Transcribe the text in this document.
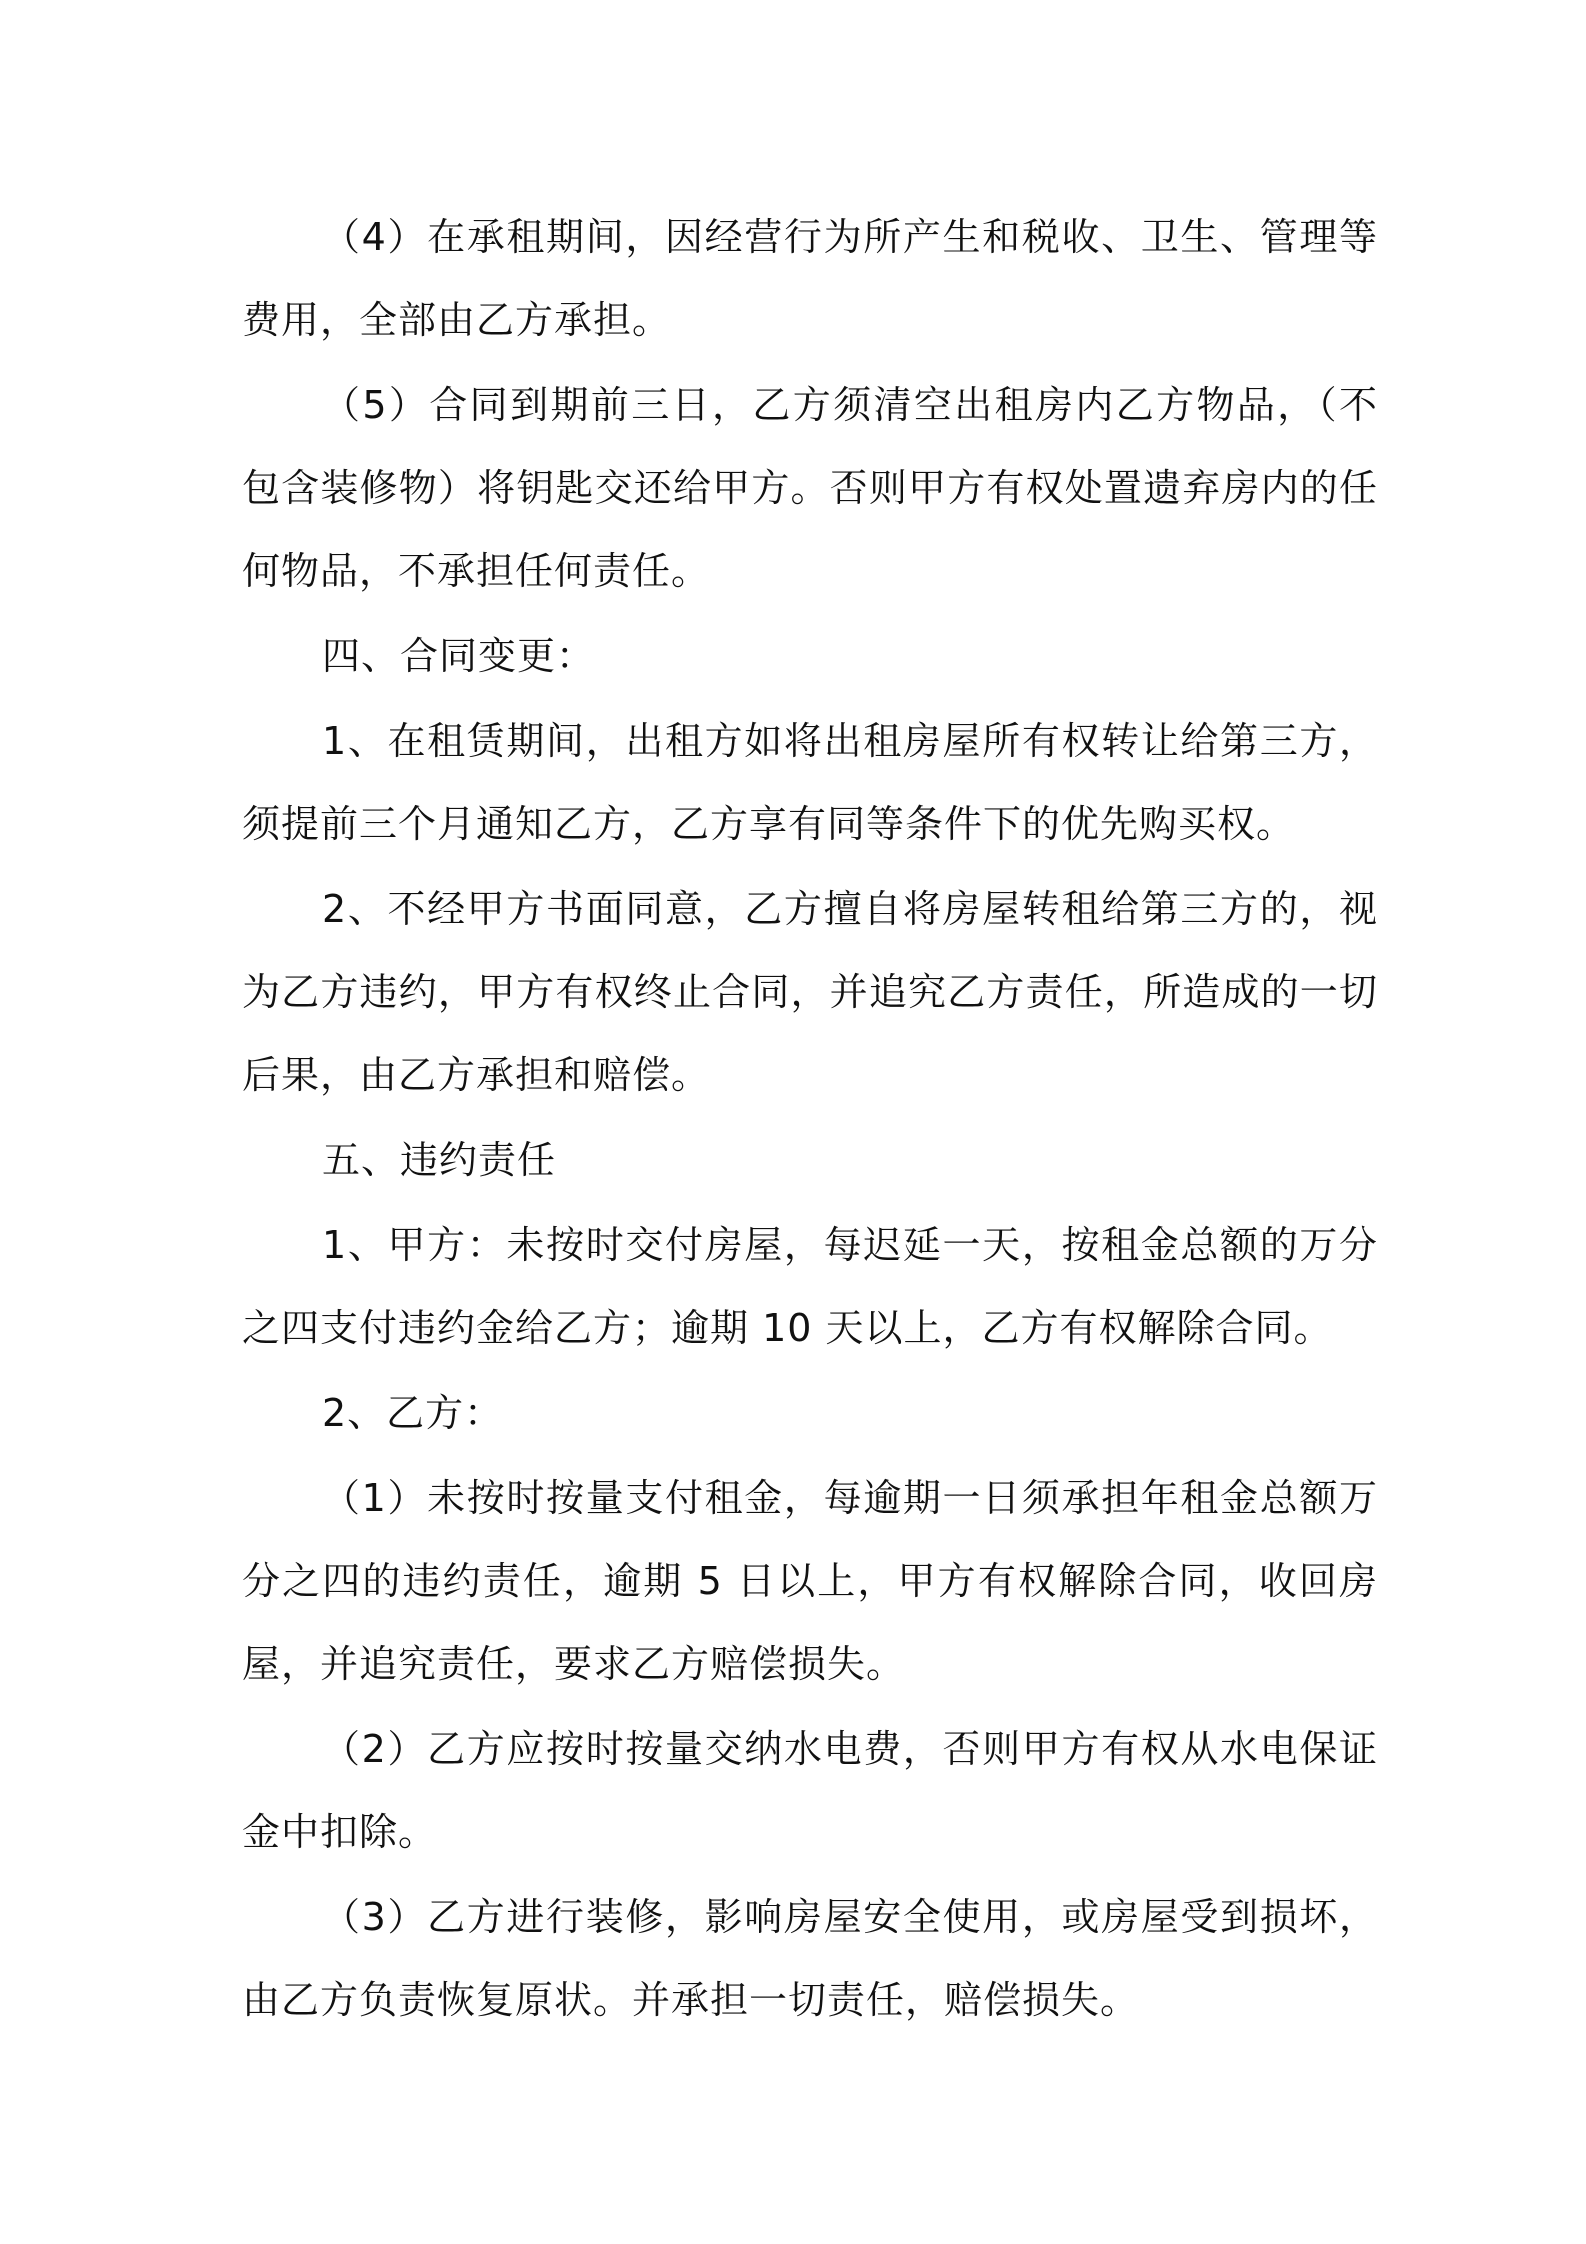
（4）在承租期间，因经营行为所产生和税收、卫生、管理等费用，全部由乙方承担。

（5）合同到期前三日，乙方须清空出租房内乙方物品，（不包含装修物）将钥匙交还给甲方。否则甲方有权处置遗弃房内的任何物品，不承担任何责任。

四、合同变更：

1、在租赁期间，出租方如将出租房屋所有权转让给第三方，须提前三个月通知乙方，乙方享有同等条件下的优先购买权。

2、不经甲方书面同意，乙方擅自将房屋转租给第三方的，视为乙方违约，甲方有权终止合同，并追究乙方责任，所造成的一切后果，由乙方承担和赔偿。

五、违约责任

1、甲方：未按时交付房屋，每迟延一天，按租金总额的万分之四支付违约金给乙方；逾期 10 天以上，乙方有权解除合同。

2、乙方：

（1）未按时按量支付租金，每逾期一日须承担年租金总额万分之四的违约责任，逾期 5 日以上，甲方有权解除合同，收回房屋，并追究责任，要求乙方赔偿损失。

（2）乙方应按时按量交纳水电费，否则甲方有权从水电保证金中扣除。

（3）乙方进行装修，影响房屋安全使用，或房屋受到损坏，由乙方负责恢复原状。并承担一切责任，赔偿损失。
